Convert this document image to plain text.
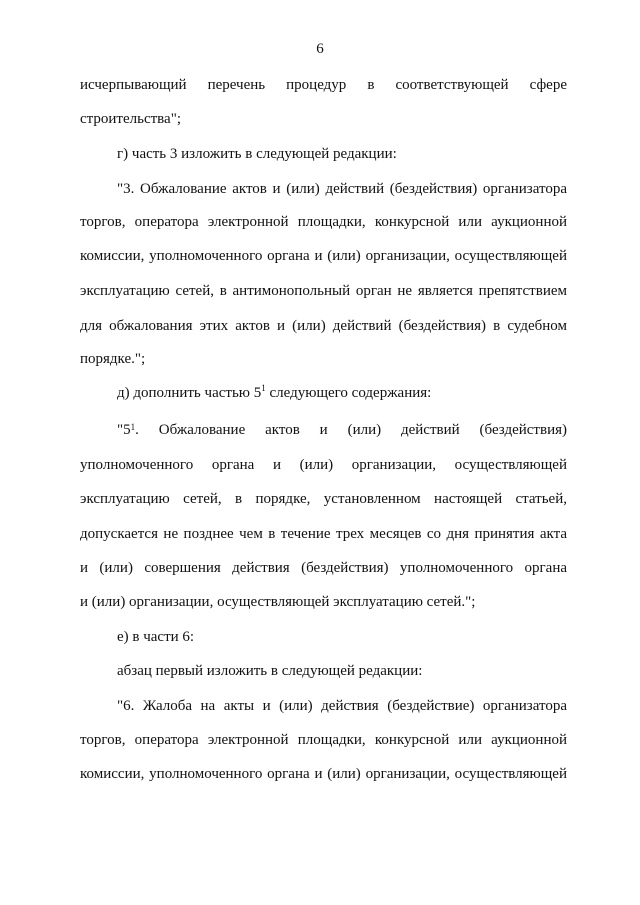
6
исчерпывающий перечень процедур в соответствующей сфере
строительства";
г) часть 3 изложить в следующей редакции:
"3. Обжалование актов и (или) действий (бездействия) организатора
торгов, оператора электронной площадки, конкурсной или аукционной
комиссии, уполномоченного органа и (или) организации, осуществляющей
эксплуатацию сетей, в антимонопольный орган не является препятствием
для обжалования этих актов и (или) действий (бездействия) в судебном
порядке.";
д) дополнить частью $5^1$ следующего содержания:
"$5_1$ . Обжалование актов и (или) действий (бездействия)
уполномоченного органа и (или) организации, осуществляющей
эксплуатацию сетей, в порядке, установленном настоящей статьей,
допускается не позднее чем в течение трех месяцев со дня принятия акта
и (или) совершения действия (бездействия) уполномоченного органа
и (или) организации, осуществляющей эксплуатацию сетей.";
е) в части 6:
абзац первый изложить в следующей редакции:
"6. Жалоба на акты и (или) действия (бездействие) организатора
торгов, оператора электронной площадки, конкурсной или аукционной
комиссии, уполномоченного органа и (или) организации, осуществляющей
